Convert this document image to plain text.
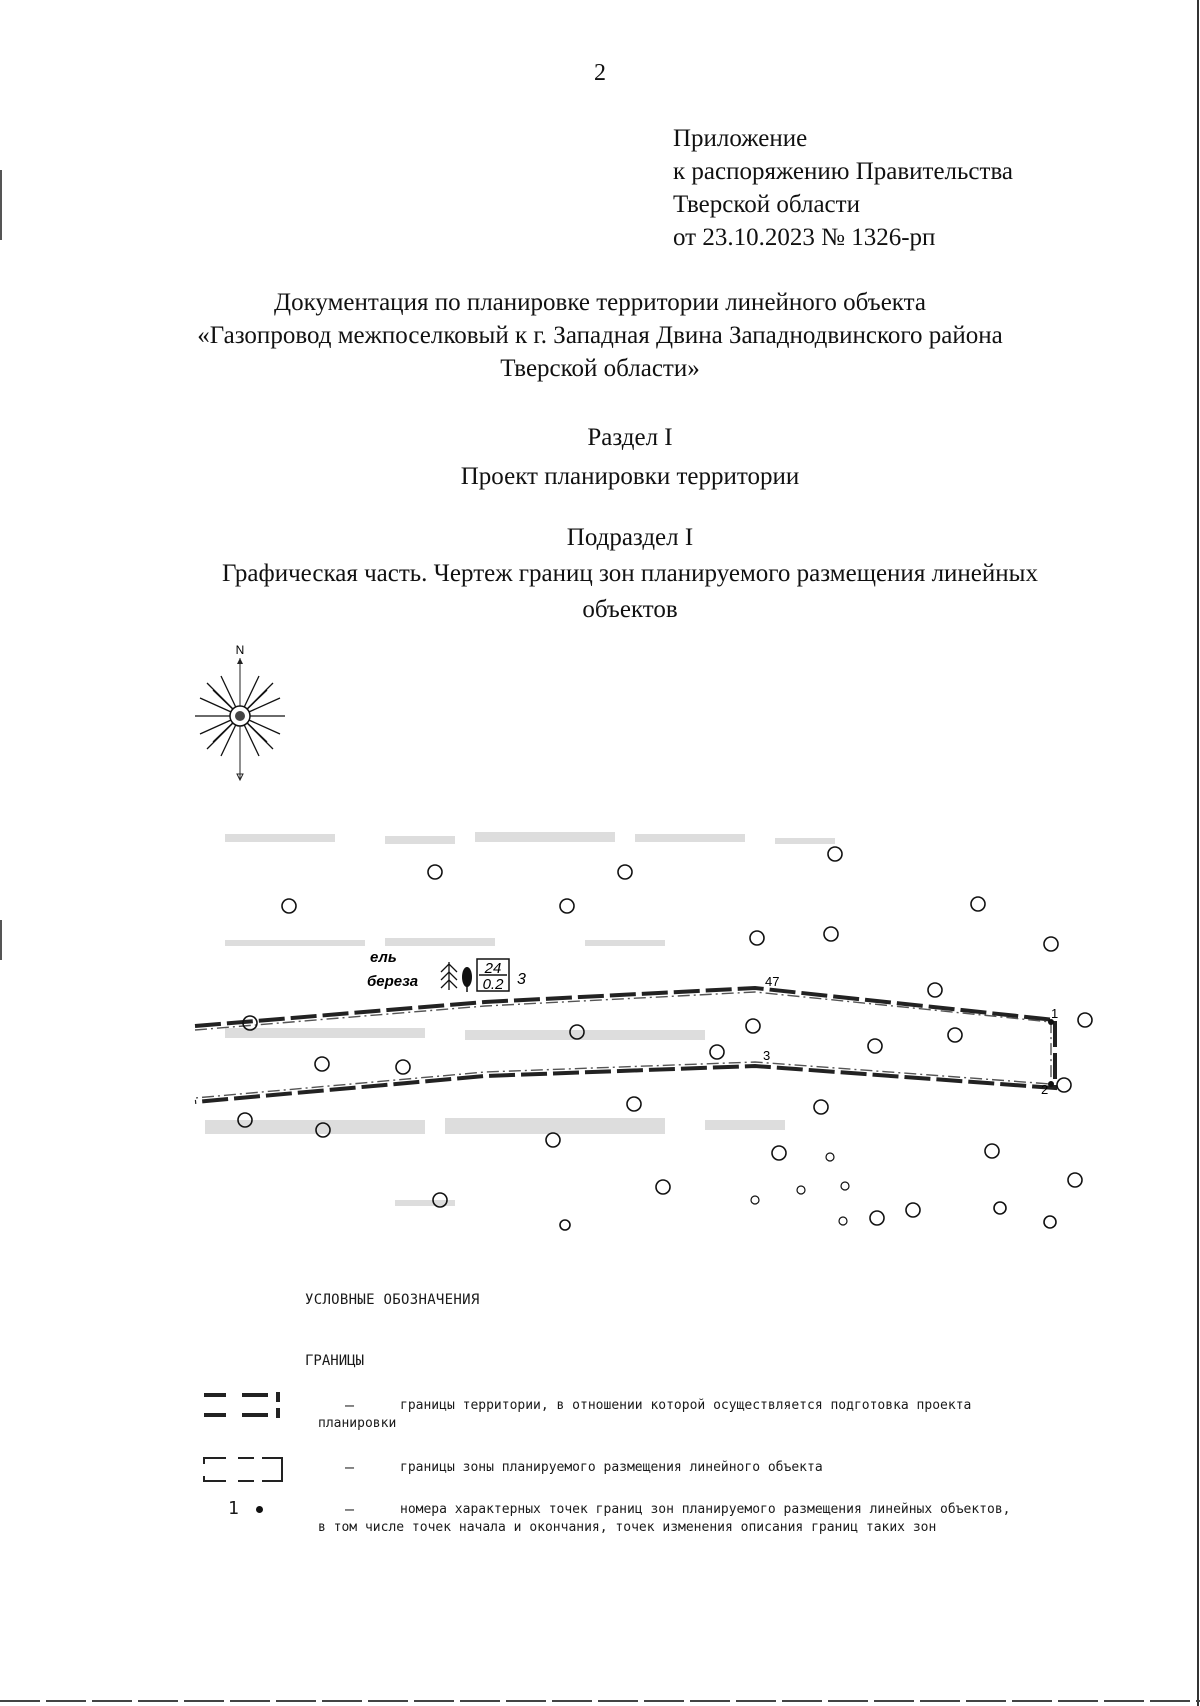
2
Приложение
к распоряжению Правительства
Тверской области
от 23.10.2023 № 1326-рп
Документация по планировке территории линейного объекта
«Газопровод межпоселковый к г. Западная Двина Западнодвинского района
Тверской области»
Раздел I
Проект планировки территории
Подраздел I
Графическая часть. Чертеж границ зон планируемого размещения линейных
объектов
N
47
1
2
3
ель
береза
24
0.2 3
УСЛОВНЫЕ ОБОЗНАЧЕНИЯ
ГРАНИЦЫ
1
–	границы территории, в отношении которой осуществляется подготовка проекта
планировки
–	границы зоны планируемого размещения линейного объекта
–	номера характерных точек границ зон планируемого размещения линейных объектов,
в том числе точек начала и окончания, точек изменения описания границ таких зон
